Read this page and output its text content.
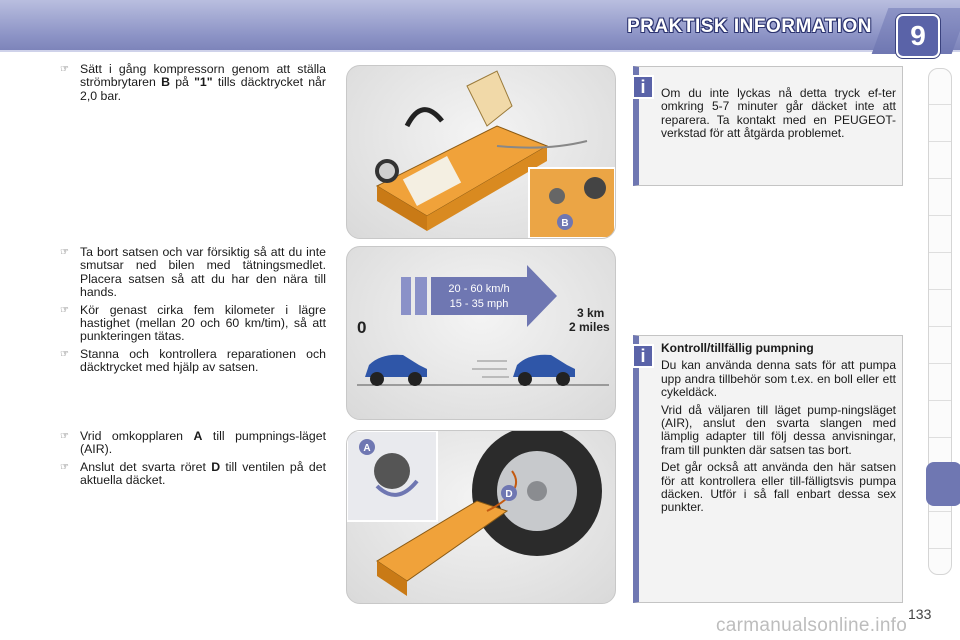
PRAKTISK INFORMATION	9
☞ Sätt i gång kompressorn genom att ställa strömbrytaren B på "1" tills däcktrycket når 2,0 bar.
☞ Ta bort satsen och var försiktig så att du inte smutsar ned bilen med tätningsmedlet. Placera satsen så att du har den nära till hands.
☞ Kör genast cirka fem kilometer i lägre hastighet (mellan 20 och 60 km/tim), så att punkteringen tätas.
☞ Stanna och kontrollera reparationen och däcktrycket med hjälp av satsen.
☞ Vrid omkopplaren A till pumpnings-läget (AIR).
☞ Anslut det svarta röret D till ventilen på det aktuella däcket.
B
20 - 60 km/h
15 - 35 mph
0
3 km
2 miles
A
D
i	Om du inte lyckas nå detta tryck ef-ter omkring 5-7 minuter går däcket inte att reparera. Ta kontakt med en PEUGEOT-verkstad för att åtgärda problemet.

i	Kontroll/tillfällig pumpning

Du kan använda denna sats för att pumpa upp andra tillbehör som t.ex. en boll eller ett cykeldäck.

Vrid då väljaren till läget pump-ningsläget (AIR), anslut den svarta slangen med lämplig adapter till följ dessa anvisningar, fram till punkten där satsen tas bort.

Det går också att använda den här satsen för att kontrollera eller till-fälligtsvis pumpa däcken. Utför i så fall enbart dessa sex punkter.

carmanualsonline.info
133
